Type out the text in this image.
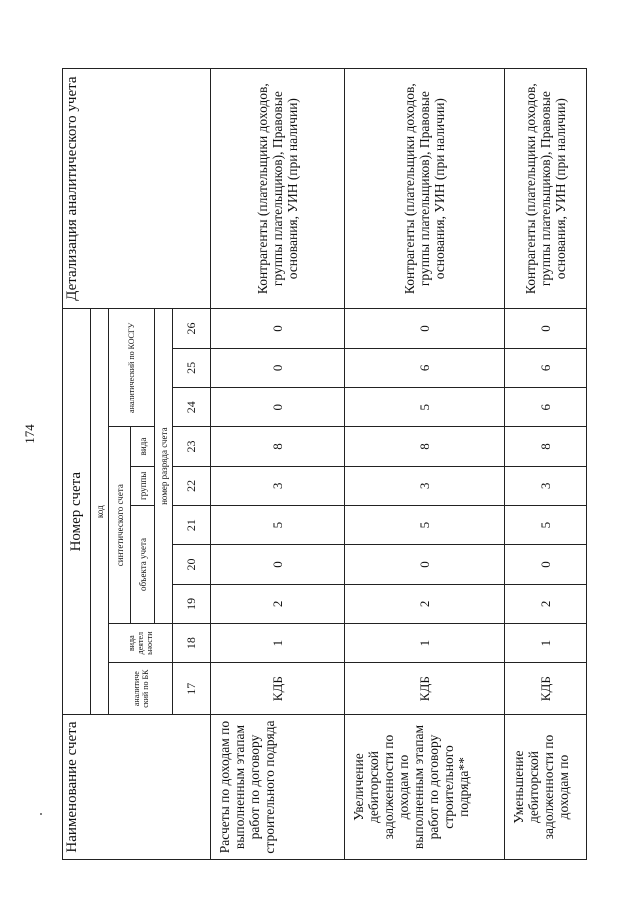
174
Наименование счета	Номер счета										Детализация аналитического учета
	код										
	аналитиче ский по БК	вида деятел ьности	синтетического счета					аналитический по КОСГУ			
			объекта учета			группы	вида				
			номер разряда счета								
	17	18	19	20	21	22	23	24	25	26	
Расчеты по доходам по выполненным этапам работ по договору строительного подряда	КДБ	1	2	0	5	3	8	0	0	0	Контрагенты (плательщики доходов, группы плательщиков), Правовые основания, УИН (при наличии)
Увеличение дебиторской задолженности по доходам по выполненным этапам работ по договору строительного подряда**	КДБ	1	2	0	5	3	8	5	6	0	Контрагенты (плательщики доходов, группы плательщиков), Правовые основания, УИН (при наличии)
Уменьшение дебиторской задолженности по доходам по	КДБ	1	2	0	5	3	8	6	6	0	Контрагенты (плательщики доходов, группы плательщиков), Правовые основания, УИН (при наличии)
